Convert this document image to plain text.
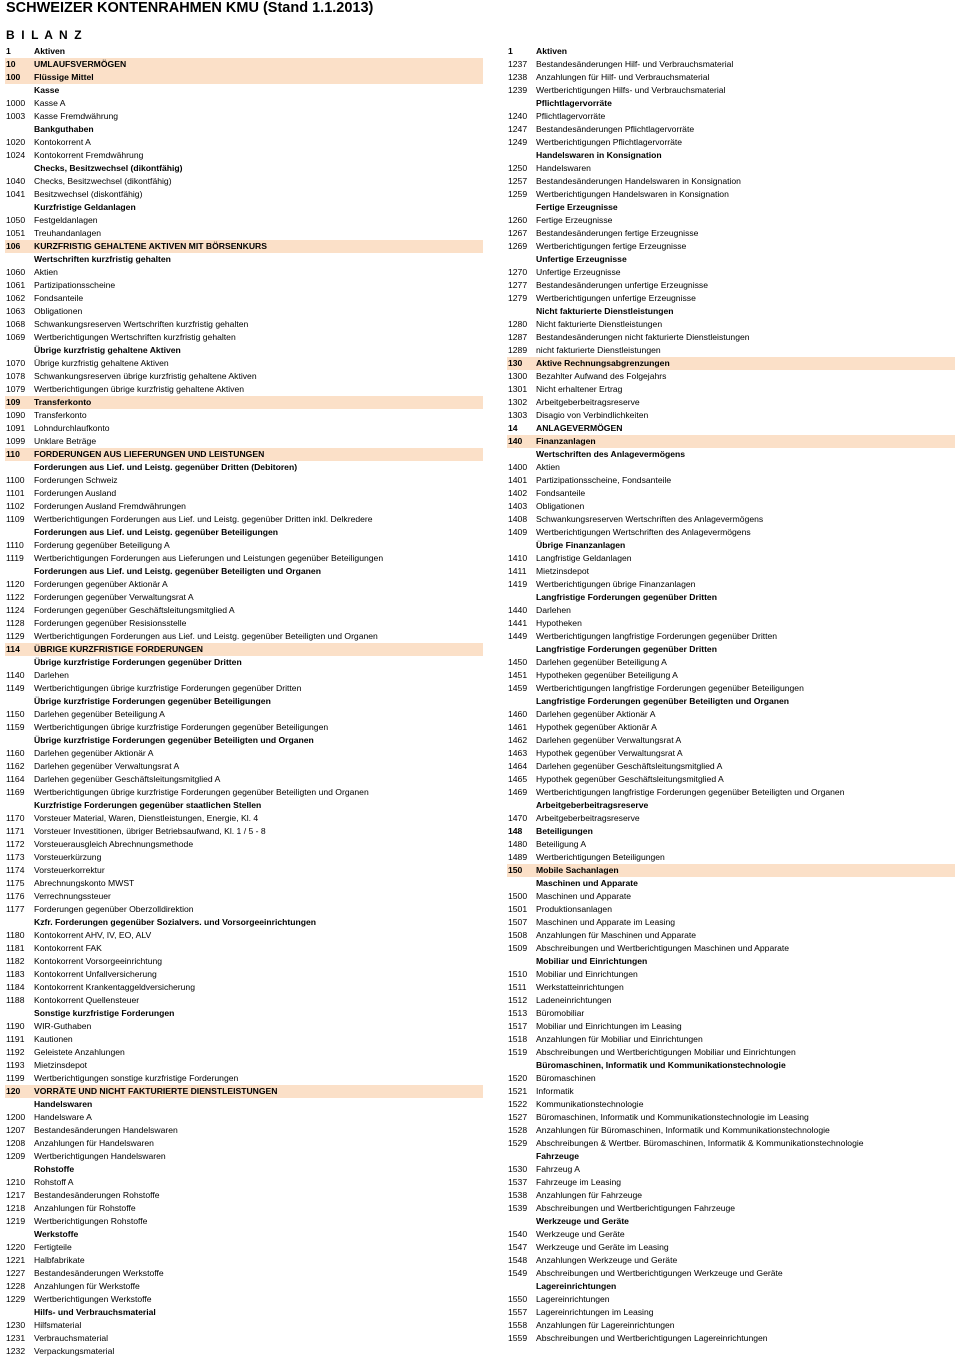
SCHWEIZER KONTENRAHMEN KMU (Stand 1.1.2013)
B I L A N Z
1	Aktiven
10 UMLAUFSVERMÖGEN
100 Flüssige Mittel
Kasse
1000 Kasse A
1003 Kasse Fremdwährung
Bankguthaben
1020 Kontokorrent A
1024 Kontokorrent Fremdwährung
Checks, Besitzwechsel (dikontfähig)
1040 Checks, Besitzwechsel (dikontfähig)
1041 Besitzwechsel (diskontfähig)
Kurzfristige Geldanlagen
1050 Festgeldanlagen
1051 Treuhandanlagen
106 KURZFRISTIG GEHALTENE AKTIVEN MIT BÖRSENKURS
Wertschriften kurzfristig gehalten
1060 Aktien
1061 Partizipationsscheine
1062 Fondsanteile
1063 Obligationen
1068 Schwankungsreserven Wertschriften kurzfristig gehalten
1069 Wertberichtigungen Wertschriften kurzfristig gehalten
Übrige kurzfristig gehaltene Aktiven
1070 Übrige kurzfristig gehaltene Aktiven
1078 Schwankungsreserven übrige kurzfristig gehaltene Aktiven
1079 Wertberichtigungen übrige kurzfristig gehaltene Aktiven
109 Transferkonto
1090 Transferkonto
1091 Lohndurchlaufkonto
1099 Unklare Beträge
110 FORDERUNGEN AUS LIEFERUNGEN UND LEISTUNGEN
Forderungen aus Lief. und Leistg. gegenüber Dritten (Debitoren)
1100 Forderungen Schweiz
1101 Forderungen Ausland
1102 Forderungen Ausland Fremdwährungen
1109 Wertberichtigungen Forderungen aus Lief. und Leistg. gegenüber Dritten inkl. Delkredere
Forderungen aus Lief. und Leistg. gegenüber Beteiligungen
1110 Forderung gegenüber Beteiligung A
1119 Wertberichtigungen Forderungen aus Lieferungen und Leistungen gegenüber Beteiligungen
Forderungen aus Lief. und Leistg. gegenüber Beteiligten und Organen
1120 Forderungen gegenüber Aktionär A
1122 Forderungen gegenüber Verwaltungsrat A
1124 Forderungen gegenüber Geschäftsleitungsmitglied A
1128 Forderungen gegenüber Resisionsstelle
1129 Wertberichtigungen Forderungen aus Lief. und Leistg. gegenüber Beteiligten und Organen
114 ÜBRIGE KURZFRISTIGE FORDERUNGEN
Übrige kurzfristige Forderungen gegenüber Dritten
1140 Darlehen
1149 Wertberichtigungen übrige kurzfristige Forderungen gegenüber Dritten
Übrige kurzfristige Forderungen gegenüber Beteiligungen
1150 Darlehen gegenüber Beteiligung A
1159 Wertberichtigungen übrige kurzfristige Forderungen gegenüber Beteiligungen
Übrige kurzfristige Forderungen gegenüber Beteiligten und Organen
1160 Darlehen gegenüber Aktionär A
1162 Darlehen gegenüber Verwaltungsrat A
1164 Darlehen gegenüber Geschäftsleitungsmitglied A
1169 Wertberichtigungen übrige kurzfristige Forderungen gegenüber Beteiligten und Organen
Kurzfristige Forderungen gegenüber staatlichen Stellen
1170 Vorsteuer Material, Waren, Dienstleistungen, Energie, Kl. 4
1171 Vorsteuer Investitionen, übriger Betriebsaufwand, Kl. 1 / 5 - 8
1172 Vorsteuerausgleich Abrechnungsmethode
1173 Vorsteuerkürzung
1174 Vorsteuerkorrektur
1175 Abrechnungskonto MWST
1176 Verrechnungssteuer
1177 Forderungen gegenüber Oberzolldirektion
Kzfr. Forderungen gegenüber Sozialvers. und Vorsorgeeinrichtungen
1180 Kontokorrent AHV, IV, EO, ALV
1181 Kontokorrent FAK
1182 Kontokorrent Vorsorgeeinrichtung
1183 Kontokorrent Unfallversicherung
1184 Kontokorrent Krankentaggeldversicherung
1188 Kontokorrent Quellensteuer
Sonstige kurzfristige Forderungen
1190 WIR-Guthaben
1191 Kautionen
1192 Geleistete Anzahlungen
1193 Mietzinsdepot
1199 Wertberichtigungen sonstige kurzfristige Forderungen
120 VORRÄTE UND NICHT FAKTURIERTE DIENSTLEISTUNGEN
Handelswaren
1200 Handelsware A
1207 Bestandesänderungen Handelswaren
1208 Anzahlungen für Handelswaren
1209 Wertberichtigungen Handelswaren
Rohstoffe
1210 Rohstoff A
1217 Bestandesänderungen Rohstoffe
1218 Anzahlungen für Rohstoffe
1219 Wertberichtigungen Rohstoffe
Werkstoffe
1220 Fertigteile
1221 Halbfabrikate
1227 Bestandesänderungen Werkstoffe
1228 Anzahlungen für Werkstoffe
1229 Wertberichtigungen Werkstoffe
Hilfs- und Verbrauchsmaterial
1230 Hilfsmaterial
1231 Verbrauchsmaterial
1232 Verpackungsmaterial
1	Aktiven
1237 Bestandesänderungen Hilf- und Verbrauchsmaterial
1238 Anzahlungen für Hilf- und Verbrauchsmaterial
1239 Wertberichtigungen Hilfs- und Verbrauchsmaterial
Pflichtlagervorräte
1240 Pflichtlagervorräte
1247 Bestandesänderungen Pflichtlagervorräte
1249 Wertberichtigungen Pflichtlagervorräte
Handelswaren in Konsignation
1250 Handelswaren
1257 Bestandesänderungen Handelswaren in Konsignation
1259 Wertberichtigungen Handelswaren in Konsignation
Fertige Erzeugnisse
1260 Fertige Erzeugnisse
1267 Bestandesänderungen fertige Erzeugnisse
1269 Wertberichtigungen fertige Erzeugnisse
Unfertige Erzeugnisse
1270 Unfertige Erzeugnisse
1277 Bestandesänderungen unfertige Erzeugnisse
1279 Wertberichtigungen unfertige Erzeugnisse
Nicht fakturierte Dienstleistungen
1280 Nicht fakturierte Dienstleistungen
1287 Bestandesänderungen nicht fakturierte Dienstleistungen
1289 nicht fakturierte Dienstleistungen
130 Aktive Rechnungsabgrenzungen
1300 Bezahlter Aufwand des Folgejahrs
1301 Nicht erhaltener Ertrag
1302 Arbeitgeberbeitragsreserve
1303 Disagio von Verbindlichkeiten
14 ANLAGEVERMÖGEN
140 Finanzanlagen
Wertschriften des Anlagevermögens
1400 Aktien
1401 Partizipationsscheine, Fondsanteile
1402 Fondsanteile
1403 Obligationen
1408 Schwankungsreserven Wertschriften des Anlagevermögens
1409 Wertberichtigungen Wertschriften des Anlagevermögens
Übrige Finanzanlagen
1410 Langfristige Geldanlagen
1411 Mietzinsdepot
1419 Wertberichtigungen übrige Finanzanlagen
Langfristige Forderungen gegenüber Dritten
1440 Darlehen
1441 Hypotheken
1449 Wertberichtigungen langfristige Forderungen gegenüber Dritten
Langfristige Forderungen gegenüber Dritten
1450 Darlehen gegenüber Beteiligung A
1451 Hypotheken gegenüber Beteiligung A
1459 Wertberichtigungen langfristige Forderungen gegenüber Beteiligungen
Langfristige Forderungen gegenüber Beteiligten und Organen
1460 Darlehen gegenüber Aktionär A
1461 Hypothek gegenüber Aktionär A
1462 Darlehen gegenüber Verwaltungsrat A
1463 Hypothek gegenüber Verwaltungsrat A
1464 Darlehen gegenüber Geschäftsleitungsmitglied A
1465 Hypothek gegenüber Geschäftsleitungsmitglied A
1469 Wertberichtigungen langfristige Forderungen gegenüber Beteiligten und Organen
Arbeitgeberbeitragsreserve
1470 Arbeitgeberbeitragsreserve
148 Beteiligungen
1480 Beteiligung A
1489 Wertberichtigungen Beteiligungen
150 Mobile Sachanlagen
Maschinen und Apparate
1500 Maschinen und Apparate
1501 Produktionsanlagen
1507 Maschinen und Apparate im Leasing
1508 Anzahlungen für Maschinen und Apparate
1509 Abschreibungen und Wertberichtigungen Maschinen und Apparate
Mobiliar und Einrichtungen
1510 Mobiliar und Einrichtungen
1511 Werkstatteinrichtungen
1512 Ladeneinrichtungen
1513 Büromobiliar
1517 Mobiliar und Einrichtungen im Leasing
1518 Anzahlungen für Mobiliar und Einrichtungen
1519 Abschreibungen und Wertberichtigungen Mobiliar und Einrichtungen
Büromaschinen, Informatik und Kommunikationstechnologie
1520 Büromaschinen
1521 Informatik
1522 Kommunikationstechnologie
1527 Büromaschinen, Informatik und Kommunikationstechnologie im Leasing
1528 Anzahlungen für Büromaschinen, Informatik und Kommunikationstechnologie
1529 Abschreibungen & Wertber. Büromaschinen, Informatik & Kommunikationstechnologie
Fahrzeuge
1530 Fahrzeug A
1537 Fahrzeuge im Leasing
1538 Anzahlungen für Fahrzeuge
1539 Abschreibungen und Wertberichtigungen Fahrzeuge
Werkzeuge und Geräte
1540 Werkzeuge und Geräte
1547 Werkzeuge und Geräte im Leasing
1548 Anzahlungen Werkzeuge und Geräte
1549 Abschreibungen und Wertberichtigungen Werkzeuge und Geräte
Lagereinrichtungen
1550 Lagereinrichtungen
1557 Lagereinrichtungen im Leasing
1558 Anzahlungen für Lagereinrichtungen
1559 Abschreibungen und Wertberichtigungen Lagereinrichtungen
